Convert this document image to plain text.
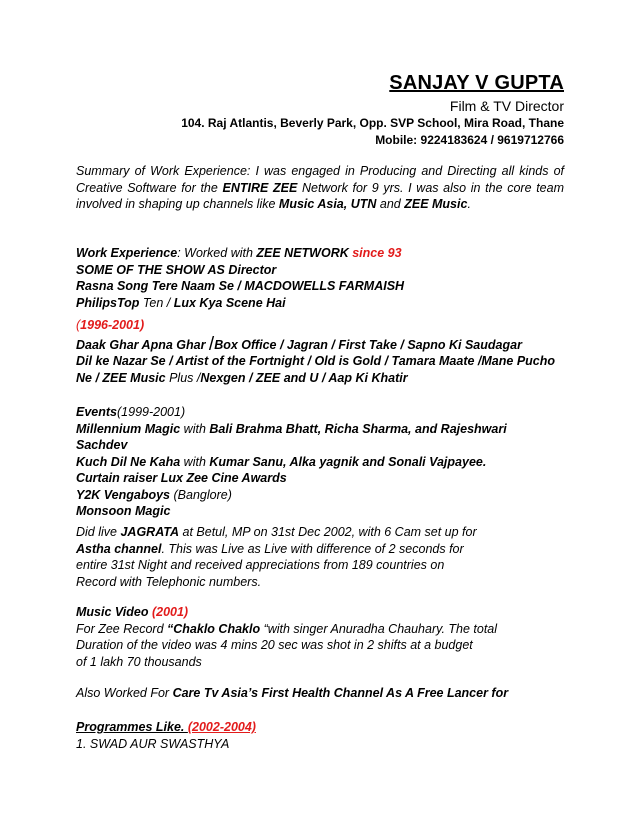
SANJAY V GUPTA
Film & TV Director
104. Raj Atlantis, Beverly Park, Opp. SVP School, Mira Road, Thane
Mobile: 9224183624 / 9619712766
Summary of Work Experience: I was engaged in Producing and Directing all kinds of Creative Software for the ENTIRE ZEE Network for 9 yrs. I was also in the core team involved in shaping up channels like Music Asia, UTN and ZEE Music.

Work Experience: Worked with ZEE NETWORK since 93

SOME OF THE SHOW AS Director

Rasna Song Tere Naam Se / MACDOWELLS FARMAISH

PhilipsTop Ten / Lux Kya Scene Hai

(1996-2001)

Daak Ghar Apna Ghar /Box Office / Jagran / First Take / Sapno Ki Saudagar

Dil ke Nazar Se / Artist of the Fortnight / Old is Gold / Tamara Maate /Mane Pucho

Ne / ZEE Music Plus /Nexgen / ZEE and U / Aap Ki Khatir

Events(1999-2001)

Millennium Magic with Bali Brahma Bhatt, Richa Sharma, and Rajeshwari Sachdev

Kuch Dil Ne Kaha with Kumar Sanu, Alka yagnik and Sonali Vajpayee.

Curtain raiser Lux Zee Cine Awards

Y2K Vengaboys (Banglore)

Monsoon Magic

Did live JAGRATA at Betul, MP on 31st Dec 2002, with 6 Cam set up for

Astha channel. This was Live as Live with difference of 2 seconds for

entire 31st Night and received appreciations from 189 countries on

Record with Telephonic numbers.

Music Video (2001)

For Zee Record “Chaklo Chaklo “with singer Anuradha Chauhary. The total

Duration of the video was 4 mins 20 sec was shot in 2 shifts at a budget

of 1 lakh 70 thousands

Also Worked For Care Tv Asia’s First Health Channel As A Free Lancer for

Programmes Like. (2002-2004)

1. SWAD AUR SWASTHYA
